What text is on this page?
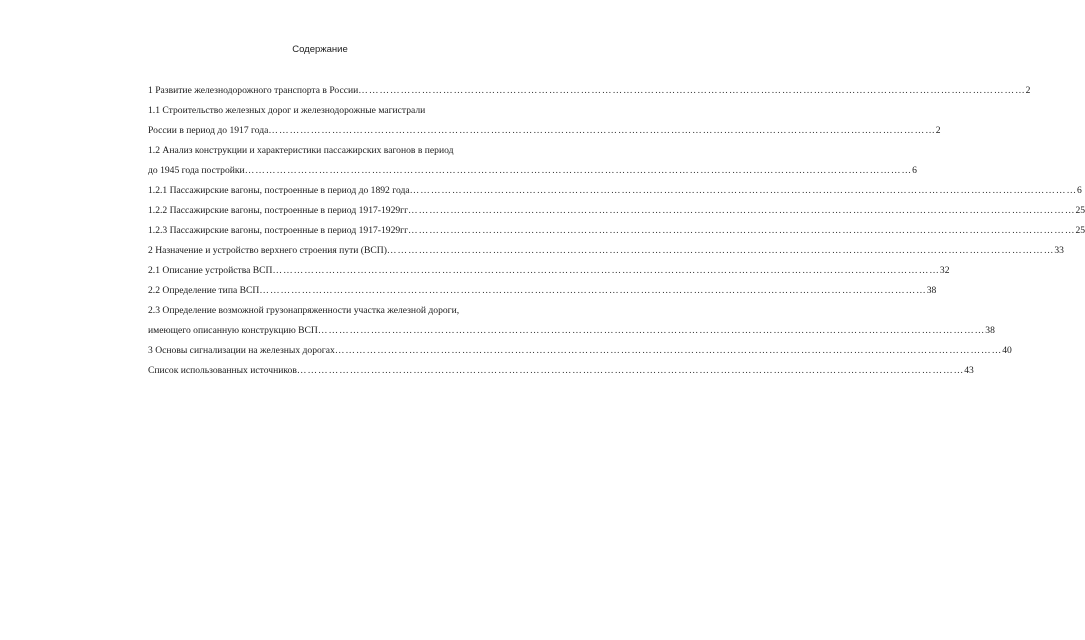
Содержание
1 Развитие железнодорожного транспорта в России ……………………………………………………………………………………………………………………………………………………………………… 2
1.1 Строительство железных дорог и железнодорожные магистрали
России в период до 1917 года ……………………………………………………………………………………………………………………………………………………………………… 2
1.2 Анализ конструкции и характеристики пассажирских вагонов в период
до 1945 года постройки ……………………………………………………………………………………………………………………………………………………………………… 6
1.2.1 Пассажирские вагоны, построенные в период до 1892 года ……………………………………………………………………………………………………………………………………………………………………… 6
1.2.2 Пассажирские вагоны, построенные в период 1917-1929гг ……………………………………………………………………………………………………………………………………………………………………… 25
1.2.3 Пассажирские вагоны, построенные в период 1917-1929гг ……………………………………………………………………………………………………………………………………………………………………… 25
2 Назначение и устройство верхнего строения пути (ВСП) ……………………………………………………………………………………………………………………………………………………………………… 33
2.1 Описание устройства ВСП ……………………………………………………………………………………………………………………………………………………………………… 32
2.2 Определение типа ВСП ……………………………………………………………………………………………………………………………………………………………………… 38
2.3 Определение возможной грузонапряженности участка железной дороги,
имеющего описанную конструкцию ВСП ……………………………………………………………………………………………………………………………………………………………………… 38
3 Основы сигнализации на железных дорогах ……………………………………………………………………………………………………………………………………………………………………… 40
Список использованных источников ……………………………………………………………………………………………………………………………………………………………………… 43
